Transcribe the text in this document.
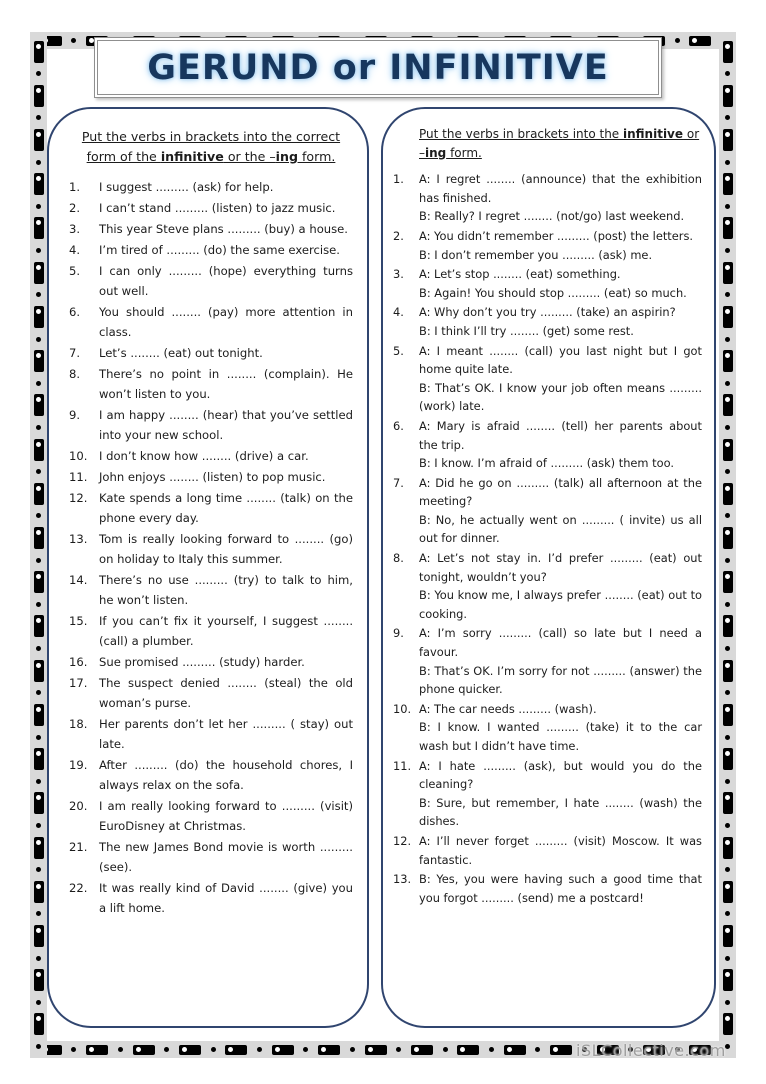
GERUND or INFINITIVE

Put the verbs in brackets into the correct form of the infinitive or the –ing form.

1.	I suggest ......... (ask) for help.
2.	I can’t stand ......... (listen) to jazz music.
3.	This year Steve plans ......... (buy) a house.
4.	I’m tired of ......... (do) the same exercise.
5.	I can only ......... (hope) everything turns out well.
6.	You should ........ (pay) more attention in class.
7.	Let’s ........ (eat) out tonight.
8.	There’s no point in ........ (complain). He won’t listen to you.
9.	I am happy ........ (hear) that you’ve settled into your new school.
10. I don’t know how ........ (drive) a car.
11. John enjoys ........ (listen) to pop music.
12. Kate spends a long time ........ (talk) on the phone every day.
13. Tom is really looking forward to ........ (go) on holiday to Italy this summer.
14. There’s no use ......... (try) to talk to him, he won’t listen.
15. If you can’t fix it yourself, I suggest ........ (call) a plumber.
16. Sue promised ......... (study) harder.
17. The suspect denied ........ (steal) the old woman’s purse.
18. Her parents don’t let her ......... ( stay) out late.
19. After ......... (do) the household chores, I always relax on the sofa.
20. I am really looking forward to ......... (visit) EuroDisney at Christmas.
21. The new James Bond movie is worth ......... (see).
22. It was really kind of David ........ (give) you a lift home.

Put the verbs in brackets into the infinitive or –ing form.

1.	A: I regret ........ (announce) that the exhibition has finished.
B: Really? I regret ........ (not/go) last weekend.
2.	A: You didn’t remember ......... (post) the letters.
B: I don’t remember you ......... (ask) me.
3.	A: Let’s stop ........ (eat) something.
B: Again! You should stop ......... (eat) so much.
4.	A: Why don’t you try ......... (take) an aspirin?
B: I think I’ll try ........ (get) some rest.
5.	A: I meant ........ (call) you last night but I got home quite late.
B: That’s OK. I know your job often means ......... (work) late.
6.	A: Mary is afraid ........ (tell) her parents about the trip.
B: I know. I’m afraid of ......... (ask) them too.
7.	A: Did he go on ......... (talk) all afternoon at the meeting?
B: No, he actually went on ......... ( invite) us all out for dinner.
8.	A: Let’s not stay in. I’d prefer ......... (eat) out tonight, wouldn’t you?
B: You know me, I always prefer ........ (eat) out to cooking.
9.	A: I’m sorry ......... (call) so late but I need a favour.
B: That’s OK. I’m sorry for not ......... (answer) the phone quicker.
10. A: The car needs ......... (wash).
B: I know. I wanted ......... (take) it to the car wash but I didn’t have time.
11. A: I hate ......... (ask), but would you do the cleaning?
B: Sure, but remember, I hate ........ (wash) the dishes.
12. A: I’ll never forget ......... (visit) Moscow. It was fantastic.
13. B: Yes, you were having such a good time that you forgot ......... (send) me a postcard!
iSLCollective.com
